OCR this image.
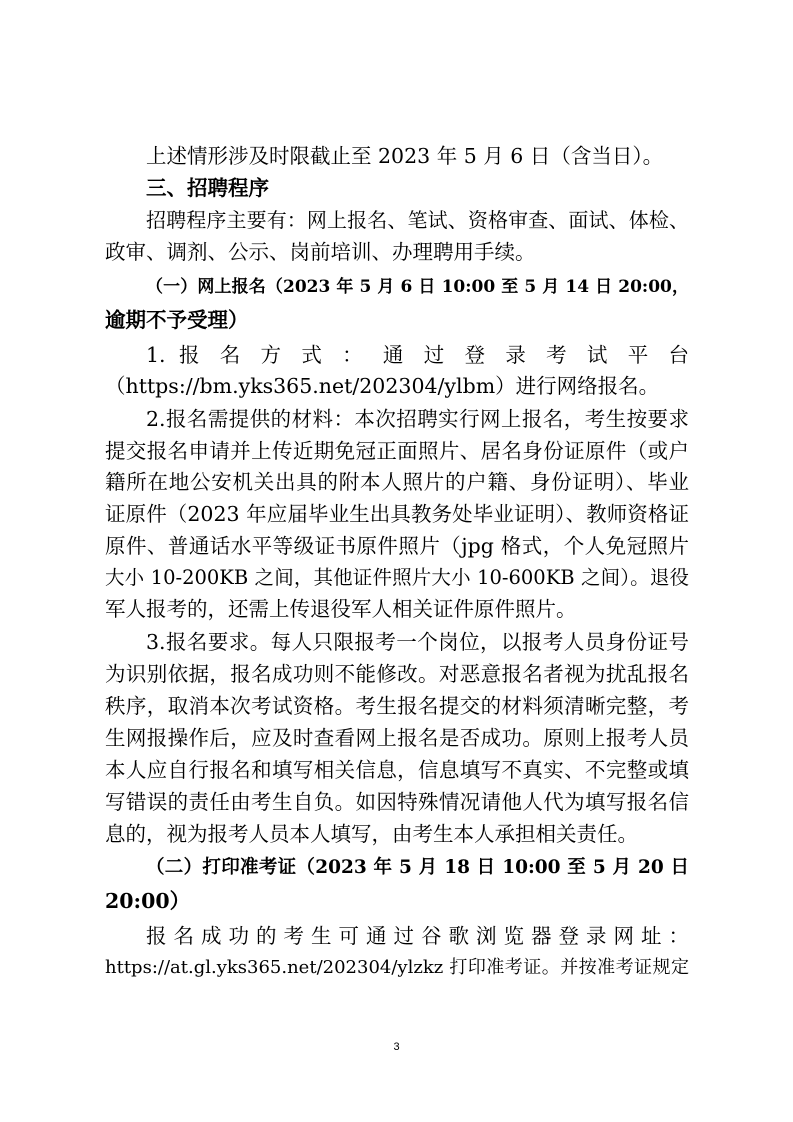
上述情形涉及时限截止至 2023 年 5 月 6 日（含当日）。
三、招聘程序
招聘程序主要有：网上报名、笔试、资格审查、面试、体检、
政审、调剂、公示、岗前培训、办理聘用手续。
（一）网上报名（2023 年 5 月 6 日 10:00 至 5 月 14 日 20:00，
逾期不予受理）
1. 报 名 方 式 ： 通 过 登 录 考 试 平 台
（https://bm.yks365.net/202304/ylbm）进行网络报名。
2.报名需提供的材料：本次招聘实行网上报名，考生按要求
提交报名申请并上传近期免冠正面照片、居名身份证原件（或户
籍所在地公安机关出具的附本人照片的户籍、身份证明）、毕业
证原件（2023 年应届毕业生出具教务处毕业证明）、教师资格证
原件、普通话水平等级证书原件照片（jpg 格式，个人免冠照片
大小 10-200KB 之间，其他证件照片大小 10-600KB 之间）。退役
军人报考的，还需上传退役军人相关证件原件照片。
3.报名要求。每人只限报考一个岗位，以报考人员身份证号
为识别依据，报名成功则不能修改。对恶意报名者视为扰乱报名
秩序，取消本次考试资格。考生报名提交的材料须清晰完整，考
生网报操作后，应及时查看网上报名是否成功。原则上报考人员
本人应自行报名和填写相关信息，信息填写不真实、不完整或填
写错误的责任由考生自负。如因特殊情况请他人代为填写报名信
息的，视为报考人员本人填写，由考生本人承担相关责任。
（二）打印准考证（2023 年 5 月 18 日 10:00 至 5 月 20 日
20:00）
报名成功的考生可通过谷歌浏览器登录网址：
https://at.gl.yks365.net/202304/ylzkz 打印准考证。并按准考证规定
3
